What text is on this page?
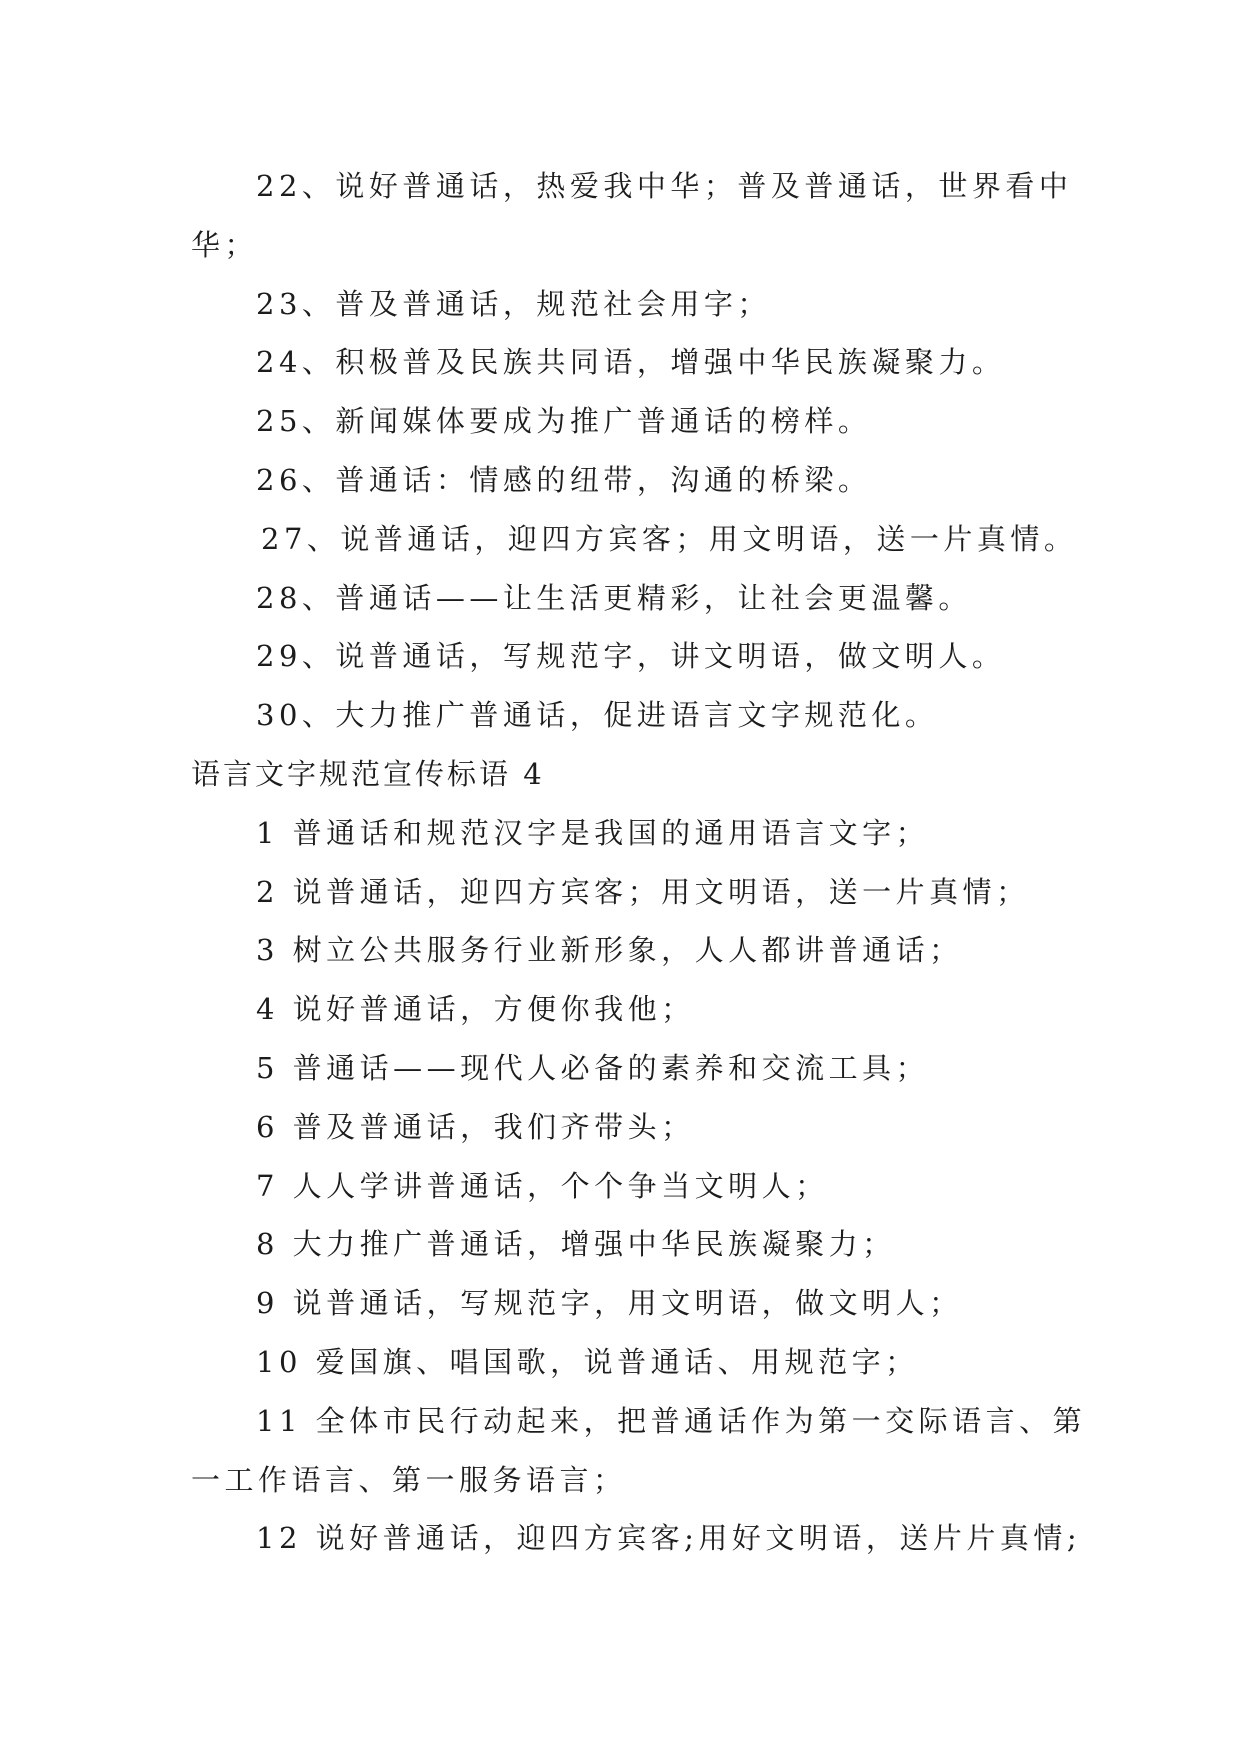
22、说好普通话，热爱我中华；普及普通话，世界看中
华；
23、普及普通话，规范社会用字；
24、积极普及民族共同语，增强中华民族凝聚力。
25、新闻媒体要成为推广普通话的榜样。
26、普通话：情感的纽带，沟通的桥梁。
27、说普通话，迎四方宾客；用文明语，送一片真情。
28、普通话——让生活更精彩，让社会更温馨。
29、说普通话，写规范字，讲文明语，做文明人。
30、大力推广普通话，促进语言文字规范化。
语言文字规范宣传标语 4
1 普通话和规范汉字是我国的通用语言文字；
2 说普通话，迎四方宾客；用文明语，送一片真情；
3 树立公共服务行业新形象，人人都讲普通话；
4 说好普通话，方便你我他；
5 普通话——现代人必备的素养和交流工具；
6 普及普通话，我们齐带头；
7 人人学讲普通话，个个争当文明人；
8 大力推广普通话，增强中华民族凝聚力；
9 说普通话，写规范字，用文明语，做文明人；
10 爱国旗、唱国歌，说普通话、用规范字；
11 全体市民行动起来，把普通话作为第一交际语言、第
一工作语言、第一服务语言；
12 说好普通话，迎四方宾客;用好文明语，送片片真情;
